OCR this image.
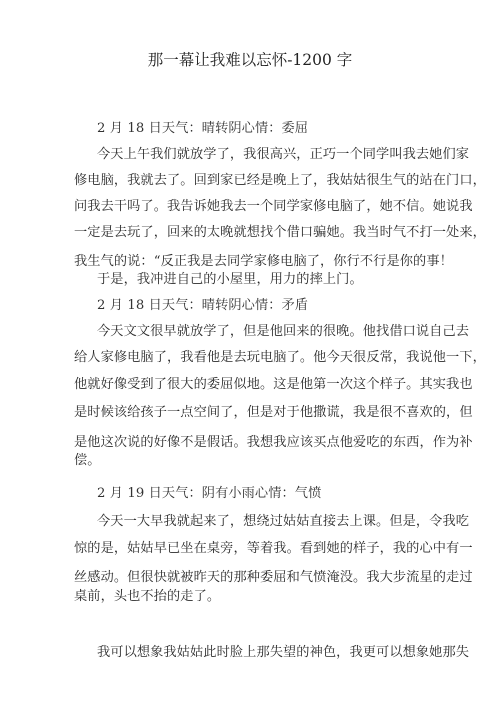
那一幕让我难以忘怀-1200 字
2 月 18 日天气：晴转阴心情：委屈
今天上午我们就放学了，我很高兴，正巧一个同学叫我去她们家
修电脑，我就去了。回到家已经是晚上了，我姑姑很生气的站在门口，
问我去干吗了。我告诉她我去一个同学家修电脑了，她不信。她说我
一定是去玩了，回来的太晚就想找个借口骗她。我当时气不打一处来，
我生气的说：“反正我是去同学家修电脑了，你行不行是你的事！
于是，我冲进自己的小屋里，用力的摔上门。
2 月 18 日天气：晴转阴心情：矛盾
今天文文很早就放学了，但是他回来的很晚。他找借口说自己去
给人家修电脑了，我看他是去玩电脑了。他今天很反常，我说他一下，
他就好像受到了很大的委屈似地。这是他第一次这个样子。其实我也
是时候该给孩子一点空间了，但是对于他撒谎，我是很不喜欢的，但
是他这次说的好像不是假话。我想我应该买点他爱吃的东西，作为补
偿。
2 月 19 日天气：阴有小雨心情：气愤
今天一大早我就起来了，想绕过姑姑直接去上课。但是，令我吃
惊的是，姑姑早已坐在桌旁，等着我。看到她的样子，我的心中有一
丝感动。但很快就被昨天的那种委屈和气愤淹没。我大步流星的走过
桌前，头也不抬的走了。
我可以想象我姑姑此时脸上那失望的神色，我更可以想象她那失
